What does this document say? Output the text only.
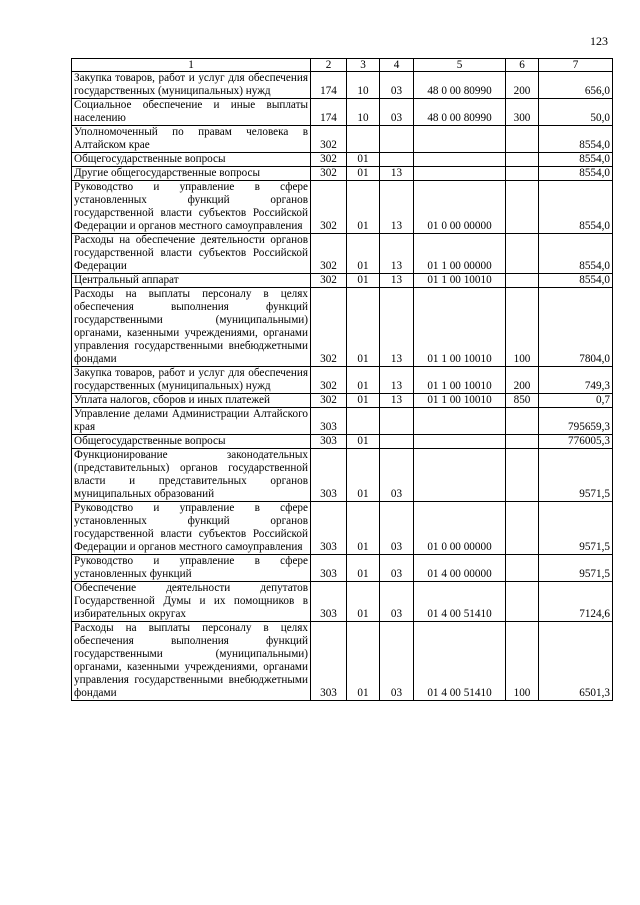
123
1	2	3	4	5	6	7
Закупка товаров, работ и услуг для обеспечения государственных (муниципальных) нужд	174	10	03	48 0 00 80990	200	656,0
Социальное обеспечение и иные выплаты населению	174	10	03	48 0 00 80990	300	50,0
Уполномоченный по правам человека в Алтайском крае	302					8554,0
Общегосударственные вопросы	302	01				8554,0
Другие общегосударственные вопросы	302	01	13			8554,0
Руководство и управление в сфере установленных функций органов государственной власти субъектов Российской Федерации и органов местного самоуправления	302	01	13	01 0 00 00000		8554,0
Расходы на обеспечение деятельности органов государственной власти субъектов Российской Федерации	302	01	13	01 1 00 00000		8554,0
Центральный аппарат	302	01	13	01 1 00 10010		8554,0
Расходы на выплаты персоналу в целях обеспечения выполнения функций государственными (муниципальными) органами, казенными учреждениями, органами управления государственными внебюджетными фондами	302	01	13	01 1 00 10010	100	7804,0
Закупка товаров, работ и услуг для обеспечения государственных (муниципальных) нужд	302	01	13	01 1 00 10010	200	749,3
Уплата налогов, сборов и иных платежей	302	01	13	01 1 00 10010	850	0,7
Управление делами Администрации Алтайского края	303					795659,3
Общегосударственные вопросы	303	01				776005,3
Функционирование законодательных (представительных) органов государственной власти и представительных органов муниципальных образований	303	01	03			9571,5
Руководство и управление в сфере установленных функций органов государственной власти субъектов Российской Федерации и органов местного самоуправления	303	01	03	01 0 00 00000		9571,5
Руководство и управление в сфере установленных функций	303	01	03	01 4 00 00000		9571,5
Обеспечение деятельности депутатов Государственной Думы и их помощников в избирательных округах	303	01	03	01 4 00 51410		7124,6
Расходы на выплаты персоналу в целях обеспечения выполнения функций государственными (муниципальными) органами, казенными учреждениями, органами управления государственными внебюджетными фондами	303	01	03	01 4 00 51410	100	6501,3
